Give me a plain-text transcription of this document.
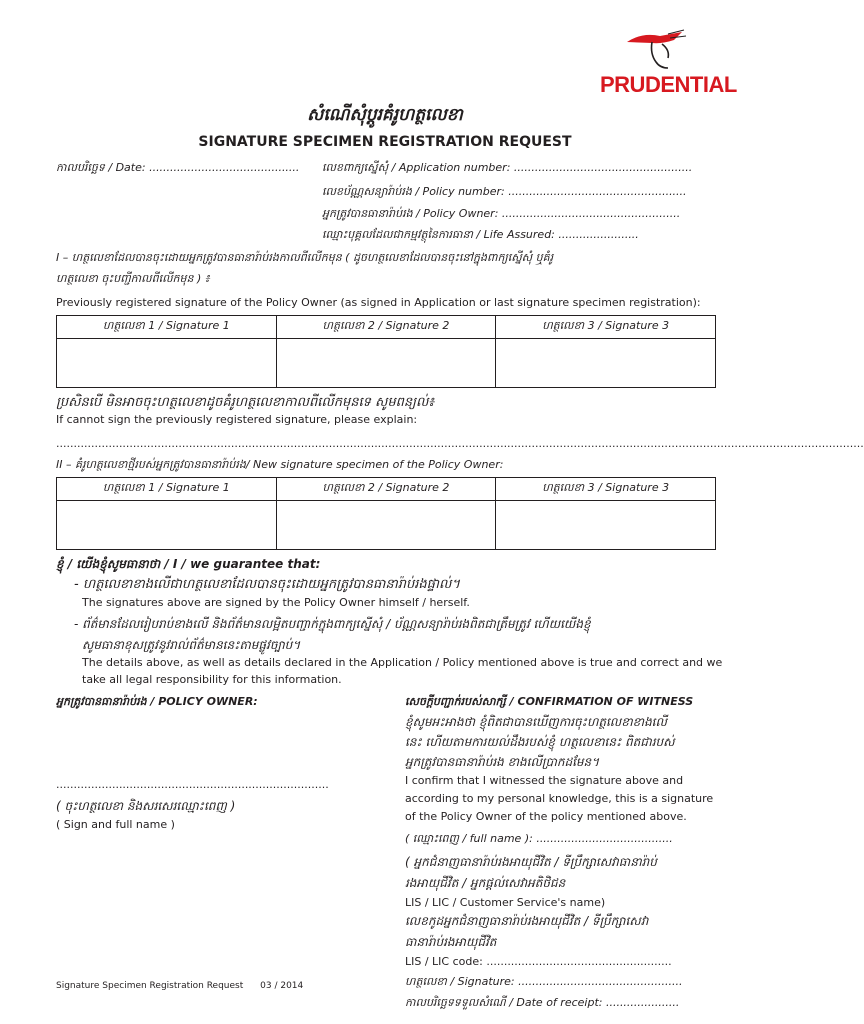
PRUDENTIAL
សំណើសុំប្តូរគំរូហត្ថលេខា
SIGNATURE SPECIMEN REGISTRATION REQUEST
កាលបរិច្ឆេទ / Date: ........................................... លេខពាក្យស្នើសុំ / Application number: ...................................................
លេខប័ណ្ណសន្យារ៉ាប់រង / Policy number: ...................................................
អ្នកត្រូវបានធានារ៉ាប់រង / Policy Owner: ...................................................
ឈ្មោះបុគ្គលដែលជាកម្មវត្ថុនៃការធានា / Life Assured: .......................
I – ហត្ថលេខាដែលបានចុះដោយអ្នកត្រូវបានធានារ៉ាប់រងកាលពីលើកមុន ( ដូចហត្ថលេខាដែលបានចុះនៅក្នុងពាក្យស្នើសុំ ឬគំរូ
ហត្ថលេខា ចុះបញ្ជីកាលពីលើកមុន ) ៖
Previously registered signature of the Policy Owner (as signed in Application or last signature specimen registration):
ហត្ថលេខា 1 / Signature 1	ហត្ថលេខា 2 / Signature 2	ហត្ថលេខា 3 / Signature 3

ប្រសិនបើ មិនអាចចុះហត្ថលេខាដូចគំរូហត្ថលេខាកាលពីលើកមុនទេ សូមពន្យល់៖
If cannot sign the previously registered signature, please explain:
.......................................................................................................................................................................................................................................
II – គំរូហត្ថលេខាថ្មីរបស់អ្នកត្រូវបានធានារ៉ាប់រង/ New signature specimen of the Policy Owner:
ហត្ថលេខា 1 / Signature 1	ហត្ថលេខា 2 / Signature 2	ហត្ថលេខា 3 / Signature 3

ខ្ញុំ / យើងខ្ញុំសូមធានាថា / I / we guarantee that:
- ហត្ថលេខាខាងលើជាហត្ថលេខាដែលបានចុះដោយអ្នកត្រូវបានធានារ៉ាប់រងផ្ទាល់។
The signatures above are signed by the Policy Owner himself / herself.
- ព័ត៌មានដែលរៀបរាប់ខាងលើ និងព័ត៌មានលម្អិតបញ្ជាក់ក្នុងពាក្យស្នើសុំ / ប័ណ្ណសន្យារ៉ាប់រងពិតជាត្រឹមត្រូវ ហើយយើងខ្ញុំ
សូមធានាខុសត្រូវនូវរាល់ព័ត៌មាននេះតាមផ្លូវច្បាប់។
The details above, as well as details declared in the Application / Policy mentioned above is true and correct and we
take all legal responsibility for this information.
អ្នកត្រូវបានធានារ៉ាប់រង / POLICY OWNER:
..............................................................................
( ចុះហត្ថលេខា និងសរសេរឈ្មោះពេញ )
( Sign and full name )
សេចក្តីបញ្ជាក់របស់សាក្សី / CONFIRMATION OF WITNESS
ខ្ញុំសូមអះអាងថា ខ្ញុំពិតជាបានឃើញការចុះហត្ថលេខាខាងលើ
នេះ ហើយតាមការយល់ដឹងរបស់ខ្ញុំ ហត្ថលេខានេះ ពិតជារបស់
អ្នកត្រូវបានធានារ៉ាប់រង ខាងលើប្រាកដមែន។
I confirm that I witnessed the signature above and
according to my personal knowledge, this is a signature
of the Policy Owner of the policy mentioned above.
( ឈ្មោះពេញ / full name ): .......................................
( អ្នកជំនាញធានារ៉ាប់រងអាយុជីវិត / ទីប្រឹក្សាសេវាធានារ៉ាប់
រងអាយុជីវិត / អ្នកផ្តល់សេវាអតិថិជន
LIS / LIC / Customer Service's name)
លេខកូដអ្នកជំនាញធានារ៉ាប់រងអាយុជីវិត / ទីប្រឹក្សាសេវា
ធានារ៉ាប់រងអាយុជីវិត
LIS / LIC code: .....................................................
ហត្ថលេខា / Signature: ...............................................
កាលបរិច្ឆេទទទួលសំណើ / Date of receipt: .....................
Signature Specimen Registration Request 03 / 2014
